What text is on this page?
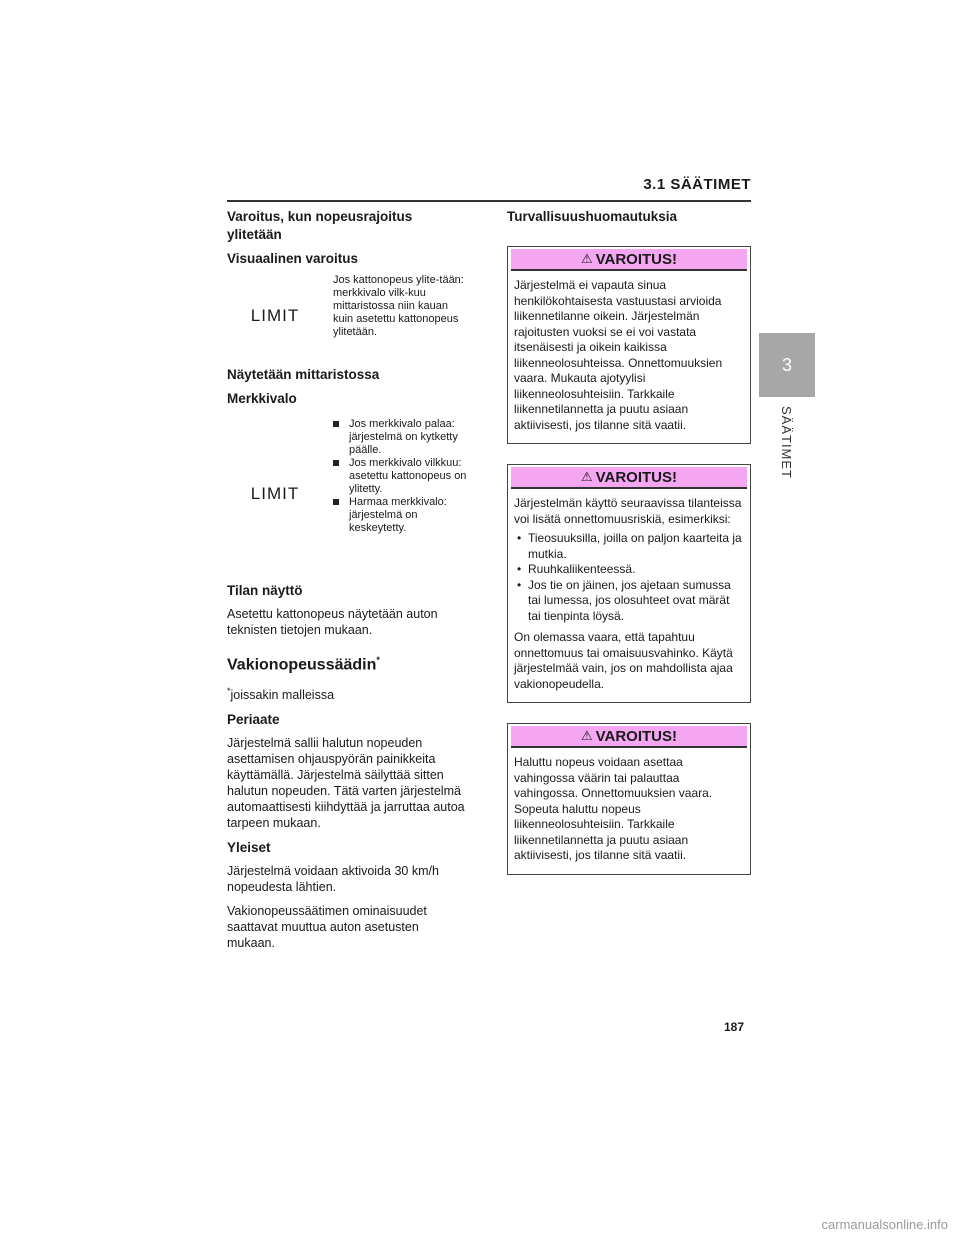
3.1 SÄÄTIMET
3
SÄÄTIMET
Varoitus, kun nopeusrajoitus ylitetään
Visuaalinen varoitus
LIMIT
Jos kattonopeus ylite-tään: merkkivalo vilk-kuu mittaristossa niin kauan kuin asetettu kattonopeus ylitetään.
Näytetään mittaristossa
Merkkivalo
LIMIT
Jos merkkivalo palaa: järjestelmä on kytketty päälle.
Jos merkkivalo vilkkuu: asetettu kattonopeus on ylitetty.
Harmaa merkkivalo: järjestelmä on keskeytetty.
Tilan näyttö

Asetettu kattonopeus näytetään auton teknisten tietojen mukaan.

Vakionopeussäädin*

*joissakin malleissa

Periaate

Järjestelmä sallii halutun nopeuden asettamisen ohjauspyörän painikkeita käyttämällä. Järjestelmä säilyttää sitten halutun nopeuden. Tätä varten järjestelmä automaattisesti kiihdyttää ja jarruttaa autoa tarpeen mukaan.

Yleiset

Järjestelmä voidaan aktivoida 30 km/h nopeudesta lähtien.

Vakionopeussäätimen ominaisuudet saattavat muuttua auton asetusten mukaan.

Turvallisuushuomautuksia
⚠ VAROITUS!

Järjestelmä ei vapauta sinua henkilökohtaisesta vastuustasi arvioida liikennetilanne oikein. Järjestelmän rajoitusten vuoksi se ei voi vastata itsenäisesti ja oikein kaikissa liikenneolosuhteissa. Onnettomuuksien vaara. Mukauta ajotyylisi liikenneolosuhteisiin. Tarkkaile liikennetilannetta ja puutu asiaan aktiivisesti, jos tilanne sitä vaatii.

⚠ VAROITUS!

Järjestelmän käyttö seuraavissa tilanteissa voi lisätä onnettomuusriskiä, esimerkiksi:

• Tieosuuksilla, joilla on paljon kaarteita ja mutkia.
• Ruuhkaliikenteessä.
• Jos tie on jäinen, jos ajetaan sumussa tai lumessa, jos olosuhteet ovat märät tai tienpinta löysä.

On olemassa vaara, että tapahtuu onnettomuus tai omaisuusvahinko. Käytä järjestelmää vain, jos on mahdollista ajaa vakionopeudella.

⚠ VAROITUS!

Haluttu nopeus voidaan asettaa vahingossa väärin tai palauttaa vahingossa. Onnettomuuksien vaara. Sopeuta haluttu nopeus liikenneolosuhteisiin. Tarkkaile liikennetilannetta ja puutu asiaan aktiivisesti, jos tilanne sitä vaatii.

187
carmanualsonline.info
